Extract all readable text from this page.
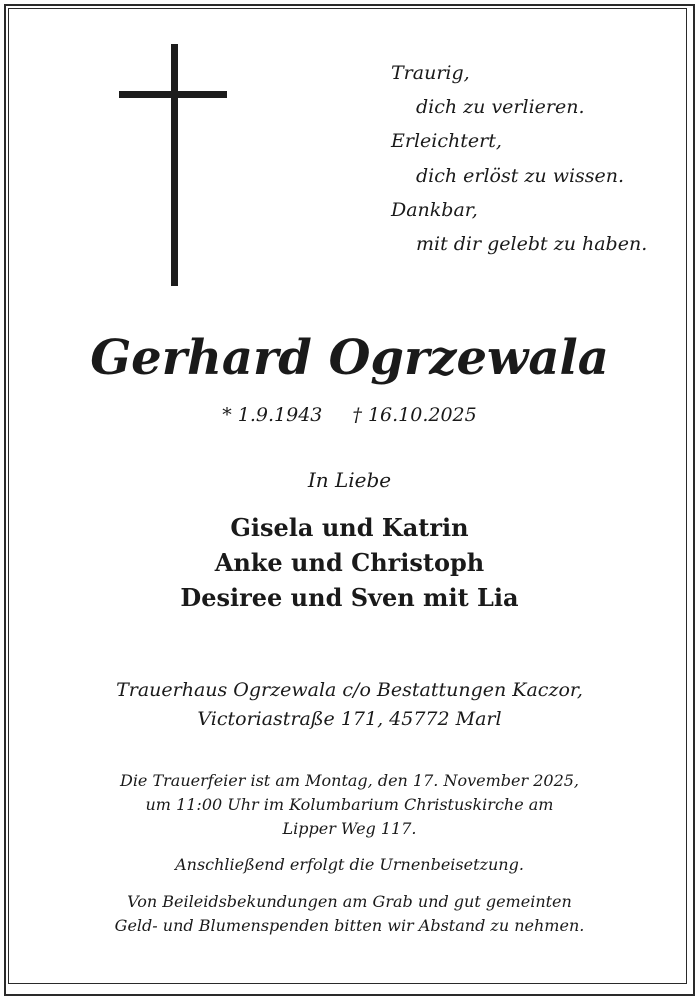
Traurig,
dich zu verlieren.
Erleichtert,
dich erlöst zu wissen.
Dankbar,
mit dir gelebt zu haben.
Gerhard Ogrzewala
* 1.9.1943 † 16.10.2025
In Liebe
Gisela und Katrin
Anke und Christoph
Desiree und Sven mit Lia
Trauerhaus Ogrzewala c/o Bestattungen Kaczor,
Victoriastraße 171, 45772 Marl
Die Trauerfeier ist am Montag, den 17. November 2025,
um 11:00 Uhr im Kolumbarium Christuskirche am
Lipper Weg 117.
Anschließend erfolgt die Urnenbeisetzung.
Von Beileidsbekundungen am Grab und gut gemeinten
Geld- und Blumenspenden bitten wir Abstand zu nehmen.
